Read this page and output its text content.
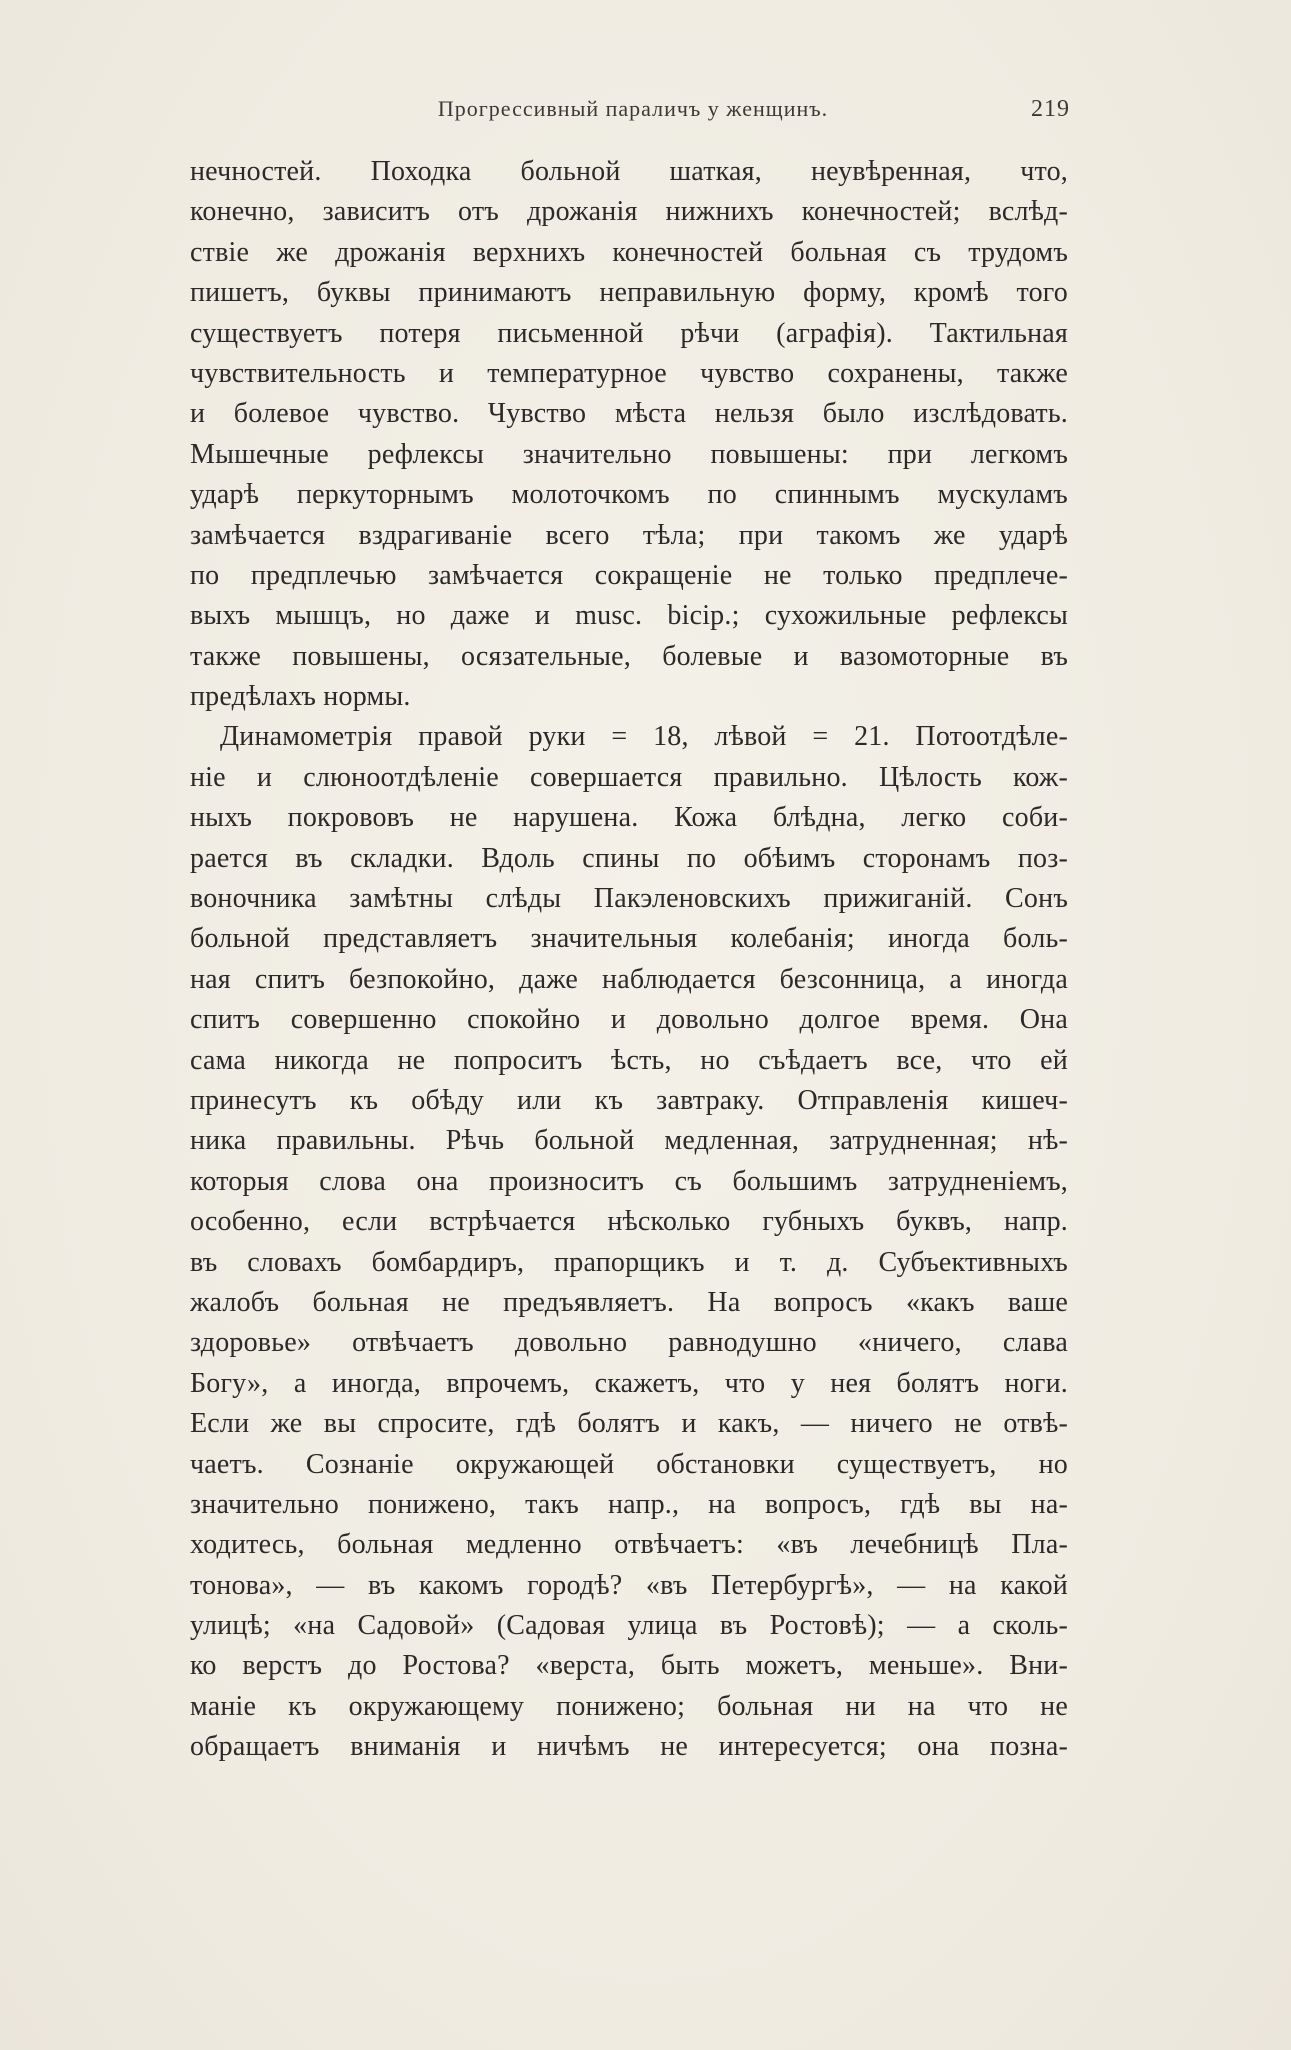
Прогрессивный параличъ у женщинъ.	219
нечностей. Походка больной шаткая, неувѣренная, что,
конечно, зависитъ отъ дрожанія нижнихъ конечностей; вслѣд-
ствіе же дрожанія верхнихъ конечностей больная съ трудомъ
пишетъ, буквы принимаютъ неправильную форму, кромѣ того
существуетъ потеря письменной рѣчи (аграфія). Тактильная
чувствительность и температурное чувство сохранены, также
и болевое чувство. Чувство мѣста нельзя было изслѣдовать.
Мышечные рефлексы значительно повышены: при легкомъ
ударѣ перкуторнымъ молоточкомъ по спиннымъ мускуламъ
замѣчается вздрагиваніе всего тѣла; при такомъ же ударѣ
по предплечью замѣчается сокращеніе не только предплече-
выхъ мышцъ, но даже и musc. bicip.; сухожильные рефлексы
также повышены, осязательные, болевые и вазомоторные въ
предѣлахъ нормы.
Динамометрія правой руки = 18, лѣвой = 21. Потоотдѣле-
ніе и слюноотдѣленіе совершается правильно. Цѣлость кож-
ныхъ покрововъ не нарушена. Кожа блѣдна, легко соби-
рается въ складки. Вдоль спины по обѣимъ сторонамъ поз-
воночника замѣтны слѣды Пакэленовскихъ прижиганій. Сонъ
больной представляетъ значительныя колебанія; иногда боль-
ная спитъ безпокойно, даже наблюдается безсонница, а иногда
спитъ совершенно спокойно и довольно долгое время. Она
сама никогда не попроситъ ѣсть, но съѣдаетъ все, что ей
принесутъ къ обѣду или къ завтраку. Отправленія кишеч-
ника правильны. Рѣчь больной медленная, затрудненная; нѣ-
которыя слова она произноситъ съ большимъ затрудненіемъ,
особенно, если встрѣчается нѣсколько губныхъ буквъ, напр.
въ словахъ бомбардиръ, прапорщикъ и т. д. Субъективныхъ
жалобъ больная не предъявляетъ. На вопросъ «какъ ваше
здоровье» отвѣчаетъ довольно равнодушно «ничего, слава
Богу», а иногда, впрочемъ, скажетъ, что у нея болятъ ноги.
Если же вы спросите, гдѣ болятъ и какъ, — ничего не отвѣ-
чаетъ. Сознаніе окружающей обстановки существуетъ, но
значительно понижено, такъ напр., на вопросъ, гдѣ вы на-
ходитесь, больная медленно отвѣчаетъ: «въ лечебницѣ Пла-
тонова», — въ какомъ городѣ? «въ Петербургѣ», — на какой
улицѣ; «на Садовой» (Садовая улица въ Ростовѣ); — а сколь-
ко верстъ до Ростова? «верста, быть можетъ, меньше». Вни-
маніе къ окружающему понижено; больная ни на что не
обращаетъ вниманія и ничѣмъ не интересуется; она позна-
